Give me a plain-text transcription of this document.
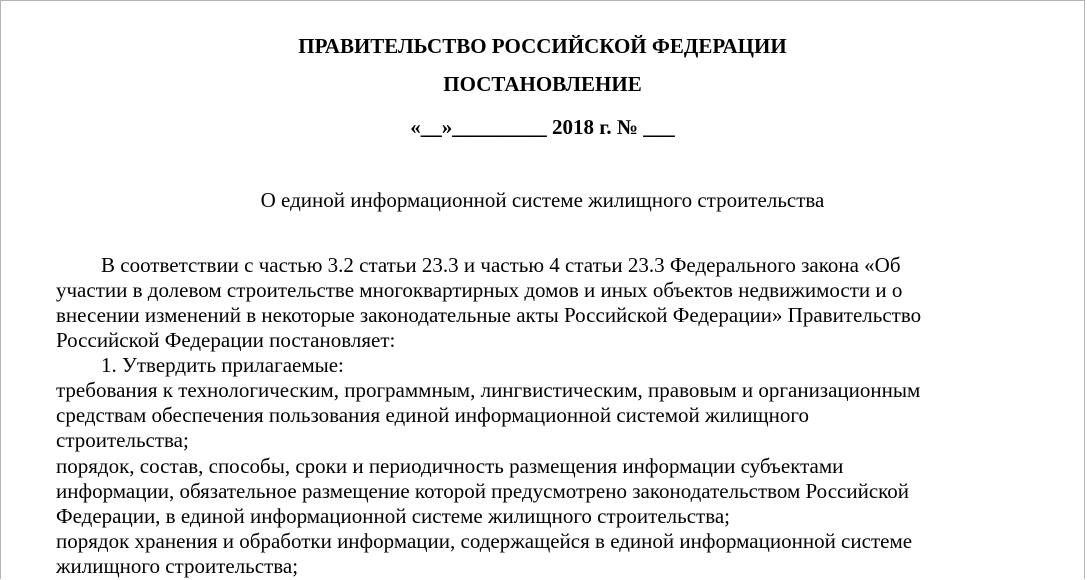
ПРАВИТЕЛЬСТВО РОССИЙСКОЙ ФЕДЕРАЦИИ
ПОСТАНОВЛЕНИЕ
«__»_________ 2018 г. № ___
О единой информационной системе жилищного строительства
В соответствии с частью 3.2 статьи 23.3 и частью 4 статьи 23.3 Федерального закона «Об
участии в долевом строительстве многоквартирных домов и иных объектов недвижимости и о
внесении изменений в некоторые законодательные акты Российской Федерации» Правительство
Российской Федерации постановляет:
1. Утвердить прилагаемые:
требования к технологическим, программным, лингвистическим, правовым и организационным
средствам обеспечения пользования единой информационной системой жилищного
строительства;
порядок, состав, способы, сроки и периодичность размещения информации субъектами
информации, обязательное размещение которой предусмотрено законодательством Российской
Федерации, в единой информационной системе жилищного строительства;
порядок хранения и обработки информации, содержащейся в единой информационной системе
жилищного строительства;
